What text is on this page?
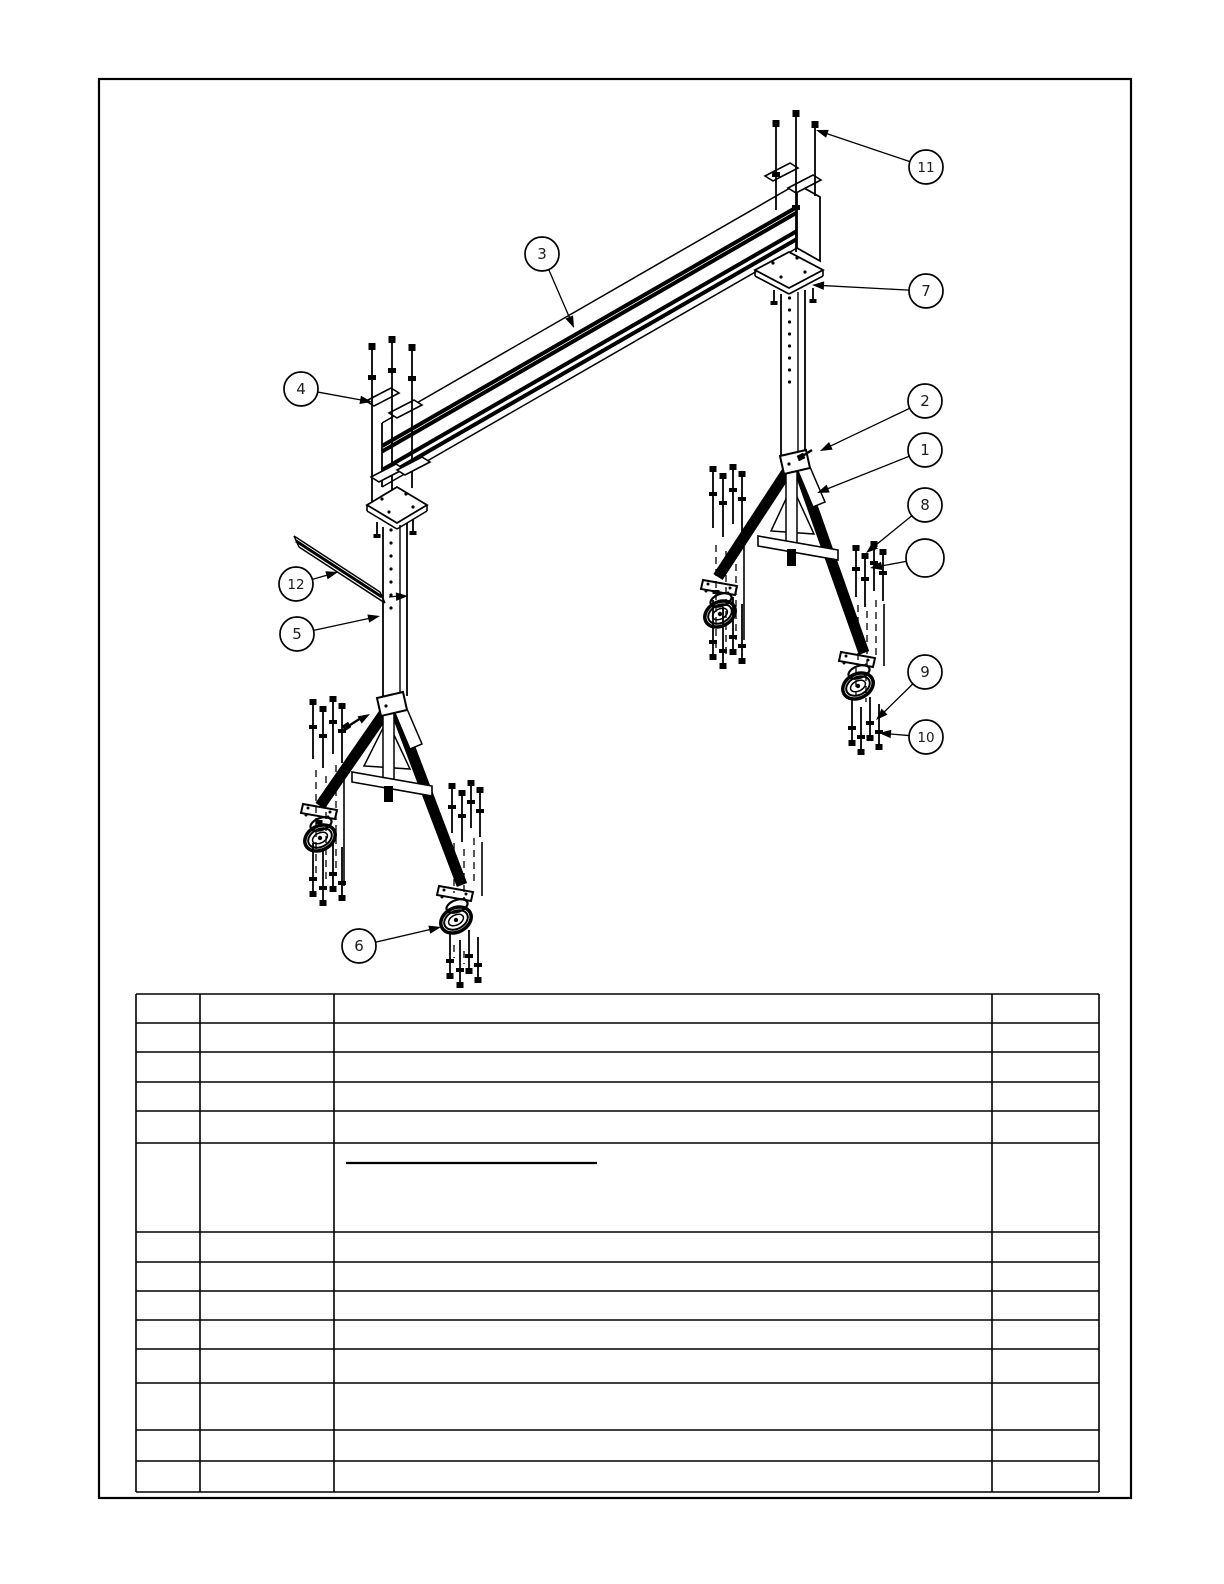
3
11
7
4
2
1
8
12
5
9
10
6
